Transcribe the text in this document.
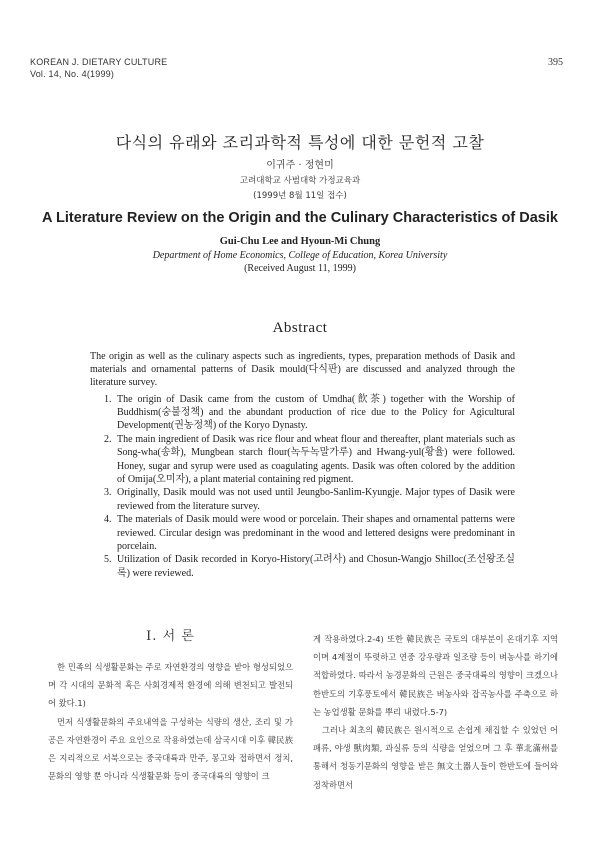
KOREAN J. DIETARY CULTURE
Vol. 14, No. 4(1999)
395
다식의 유래와 조리과학적 특성에 대한 문헌적 고찰
이귀주 · 정현미
고려대학교 사범대학 가정교육과
(1999년 8월 11일 접수)
A Literature Review on the Origin and the Culinary Characteristics of Dasik
Gui-Chu Lee and Hyoun-Mi Chung
Department of Home Economics, College of Education, Korea University
(Received August 11, 1999)
Abstract
The origin as well as the culinary aspects such as ingredients, types, preparation methods of Dasik and materials and ornamental patterns of Dasik mould(다식판) are discussed and analyzed through the literature survey.
1. The origin of Dasik came from the custom of Umdha(飮茶) together with the Worship of Buddhism(숭불정책) and the abundant production of rice due to the Policy for Agicultural Development(권농정책) of the Koryo Dynasty.
2. The main ingredient of Dasik was rice flour and wheat flour and thereafter, plant materials such as Song-wha(송화), Mungbean starch flour(녹두녹말가루) and Hwang-yul(황율) were followed. Honey, sugar and syrup were used as coagulating agents. Dasik was often colored by the addition of Omija(오미자), a plant material containing red pigment.
3. Originally, Dasik mould was not used until Jeungbo-Sanlim-Kyungje. Major types of Dasik were reviewed from the literature survey.
4. The materials of Dasik mould were wood or porcelain. Their shapes and ornamental patterns were reviewed. Circular design was predominant in the wood and lettered designs were predominant in porcelain.
5. Utilization of Dasik recorded in Koryo-History(고려사) and Chosun-Wangjo Shilloc(조선왕조실록) were reviewed.
I. 서 론

한 민족의 식생활문화는 주로 자연환경의 영향을 받아 형성되었으며 각 시대의 문화적 혹은 사회경제적 환경에 의해 변천되고 발전되어 왔다.1)

먼저 식생활문화의 주요내역을 구성하는 식량의 생산, 조리 및 가공은 자연환경이 주요 요인으로 작용하였는데 삼국시대 이후 韓民族은 지리적으로 서북으로는 중국대륙과 만주, 몽고와 접하면서 정치, 문화의 영향 뿐 아니라 식생활문화 등이 중국대륙의 영향이 크

게 작용하였다.2-4) 또한 韓民族은 국토의 대부분이 온대기후 지역이며 4계절이 뚜렷하고 연중 강우량과 일조량 등이 벼농사를 하기에 적합하였다. 따라서 농경문화의 근원은 중국대륙의 영향이 크겠으나 한반도의 기후풍토에서 韓民族은 벼농사와 잡곡농사를 주축으로 하는 농업생활 문화를 뿌리 내렸다.5-7)

그러나 최초의 韓民族은 원시적으로 손쉽게 채집할 수 있었던 어패류, 야생 獸肉類, 과실류 등의 식량을 얻었으며 그 후 華北滿州를 통해서 청동기문화의 영향을 받은 無文土器人들이 한반도에 들어와 정착하면서
